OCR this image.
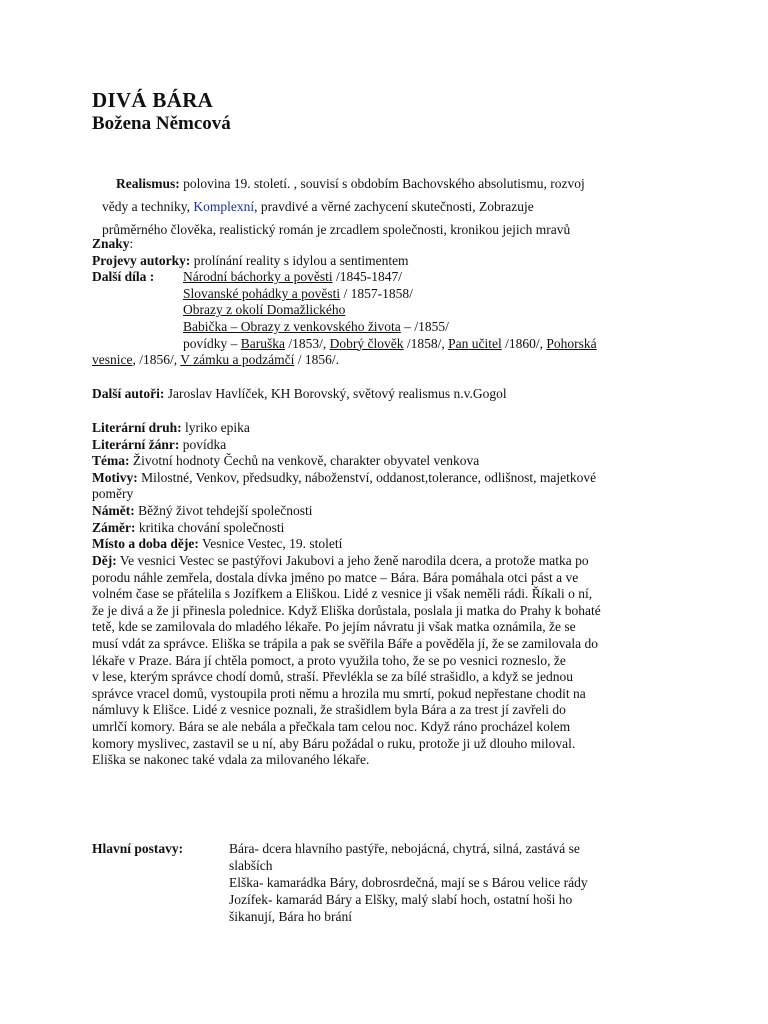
DIVÁ BÁRA
Božena Němcová
Realismus: polovina 19. století. , souvisí s obdobím Bachovského absolutismu, rozvoj
vědy a techniky, Komplexní, pravdivé a věrné zachycení skutečnosti, Zobrazuje
průměrného člověka, realistický román je zrcadlem společnosti, kronikou jejich mravů
Znaky:
Projevy autorky: prolínání reality s idylou a sentimentem
Další díla : Národní báchorky a pověsti /1845-1847/
Slovanské pohádky a pověsti / 1857-1858/
Obrazy z okolí Domažlického
Babička – Obrazy z venkovského života – /1855/
povídky – Baruška /1853/, Dobrý člověk /1858/, Pan učitel /1860/, Pohorská
vesnice, /1856/, V zámku a podzámčí / 1856/.
Další autoři: Jaroslav Havlíček, KH Borovský, světový realismus n.v.Gogol
Literární druh: lyriko epika
Literární žánr: povídka
Téma: Životní hodnoty Čechů na venkově, charakter obyvatel venkova
Motivy: Milostné, Venkov, předsudky, náboženství, oddanost,tolerance, odlišnost, majetkové
poměry
Námět: Běžný život tehdejší společnosti
Záměr: kritika chování společnosti
Místo a doba děje: Vesnice Vestec, 19. století
Děj: Ve vesnici Vestec se pastýřovi Jakubovi a jeho ženě narodila dcera, a protože matka po
porodu náhle zemřela, dostala dívka jméno po matce – Bára. Bára pomáhala otci pást a ve
volném čase se přátelila s Jozífkem a Eliškou. Lidé z vesnice ji však neměli rádi. Říkali o ní,
že je divá a že ji přinesla polednice. Když Eliška dorůstala, poslala ji matka do Prahy k bohaté
tetě, kde se zamilovala do mladého lékaře. Po jejím návratu ji však matka oznámila, že se
musí vdát za správce. Eliška se trápila a pak se svěřila Báře a pověděla jí, že se zamilovala do
lékaře v Praze. Bára jí chtěla pomoct, a proto využila toho, že se po vesnici rozneslo, že
v lese, kterým správce chodí domů, straší. Převlékla se za bílé strašidlo, a když se jednou
správce vracel domů, vystoupila proti němu a hrozila mu smrtí, pokud nepřestane chodit na
námluvy k Elišce. Lidé z vesnice poznali, že strašidlem byla Bára a za trest jí zavřeli do
umrlčí komory. Bára se ale nebála a přečkala tam celou noc. Když ráno procházel kolem
komory myslivec, zastavil se u ní, aby Báru požádal o ruku, protože ji už dlouho miloval.
Eliška se nakonec také vdala za milovaného lékaře.
Hlavní postavy:	Bára- dcera hlavního pastýře, nebojácná, chytrá, silná, zastává se
slabších
Elška- kamarádka Báry, dobrosrdečná, mají se s Bárou velice rády
Jozífek- kamarád Báry a Elšky, malý slabí hoch, ostatní hoši ho
šikanují, Bára ho brání
